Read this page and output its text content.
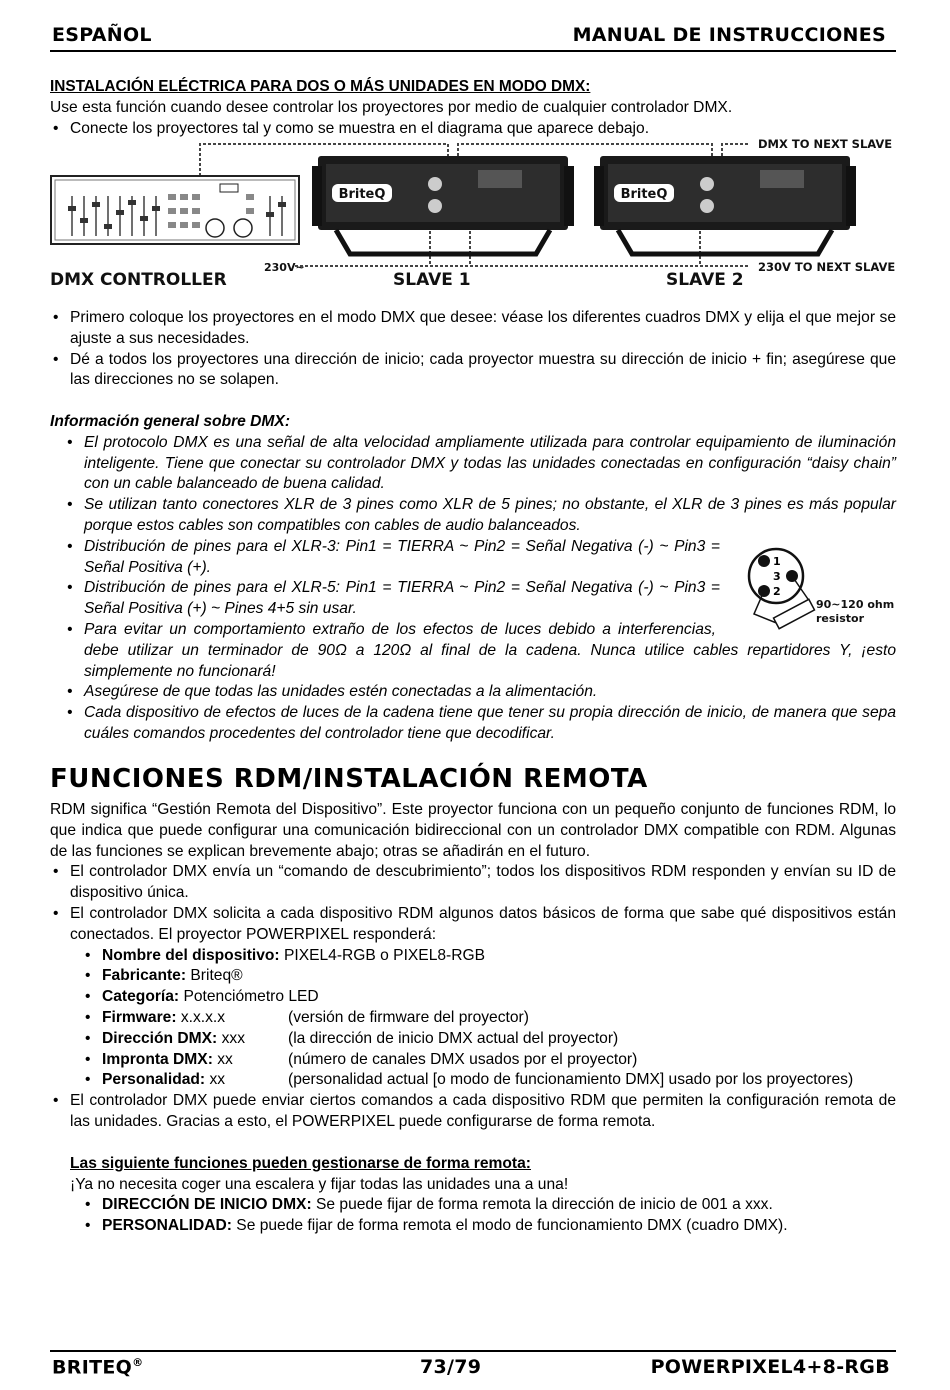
ESPAÑOL	MANUAL DE INSTRUCCIONES

INSTALACIÓN ELÉCTRICA PARA DOS O MÁS UNIDADES EN MODO DMX:

Use esta función cuando desee controlar los proyectores por medio de cualquier controlador DMX.

• Conecte los proyectores tal y como se muestra en el diagrama que aparece debajo.
BriteQ	BriteQ
DMX CONTROLLER	SLAVE 1	SLAVE 2
230V~
DMX TO NEXT SLAVE
230V TO NEXT SLAVE
• Primero coloque los proyectores en el modo DMX que desee: véase los diferentes cuadros DMX y elija el que mejor se ajuste a sus necesidades.
• Dé a todos los proyectores una dirección de inicio; cada proyector muestra su dirección de inicio + fin; asegúrese que las direcciones no se solapen.

Información general sobre DMX:

• El protocolo DMX es una señal de alta velocidad ampliamente utilizada para controlar equipamiento de iluminación inteligente. Tiene que conectar su controlador DMX y todas las unidades conectadas en configuración “daisy chain” con un cable balanceado de buena calidad.
• Se utilizan tanto conectores XLR de 3 pines como XLR de 5 pines; no obstante, el XLR de 3 pines es más popular porque estos cables son compatibles con cables de audio balanceados.
• Distribución de pines para el XLR-3: Pin1 = TIERRA ~ Pin2 = Señal Negativa (-) ~ Pin3 = Señal Positiva (+).
• Distribución de pines para el XLR-5: Pin1 = TIERRA ~ Pin2 = Señal Negativa (-) ~ Pin3 = Señal Positiva (+) ~ Pines 4+5 sin usar.
• Para evitar un comportamiento extraño de los efectos de luces debido a interferencias, debe utilizar un terminador de 90Ω a 120Ω al final de la cadena. Nunca utilice cables repartidores Y, ¡esto simplemente no funcionará!
• Asegúrese de que todas las unidades estén conectadas a la alimentación.
• Cada dispositivo de efectos de luces de la cadena tiene que tener su propia dirección de inicio, de manera que sepa cuáles comandos procedentes del controlador tiene que decodificar.
1
3
2
90~120 ohm resistor
FUNCIONES RDM/INSTALACIÓN REMOTA

RDM significa “Gestión Remota del Dispositivo”. Este proyector funciona con un pequeño conjunto de funciones RDM, lo que indica que puede configurar una comunicación bidireccional con un controlador DMX compatible con RDM. Algunas de las funciones se explican brevemente abajo; otras se añadirán en el futuro.

• El controlador DMX envía un “comando de descubrimiento”; todos los dispositivos RDM responden y envían su ID de dispositivo única.
• El controlador DMX solicita a cada dispositivo RDM algunos datos básicos de forma que sabe qué dispositivos están conectados. El proyector POWERPIXEL responderá:
• Nombre del dispositivo: PIXEL4-RGB o PIXEL8-RGB
• Fabricante: Briteq®
• Categoría: Potenciómetro LED
• Firmware: x.x.x.x	(versión de firmware del proyector)
• Dirección DMX: xxx	(la dirección de inicio DMX actual del proyector)
• Impronta DMX: xx	(número de canales DMX usados por el proyector)
• Personalidad: xx	(personalidad actual [o modo de funcionamiento DMX] usado por los proyectores)
• El controlador DMX puede enviar ciertos comandos a cada dispositivo RDM que permiten la configuración remota de las unidades. Gracias a esto, el POWERPIXEL puede configurarse de forma remota.

Las siguiente funciones pueden gestionarse de forma remota:

¡Ya no necesita coger una escalera y fijar todas las unidades una a una!

• DIRECCIÓN DE INICIO DMX: Se puede fijar de forma remota la dirección de inicio de 001 a xxx.
• PERSONALIDAD: Se puede fijar de forma remota el modo de funcionamiento DMX (cuadro DMX).
BRITEQ®	73/79	POWERPIXEL4+8-RGB
